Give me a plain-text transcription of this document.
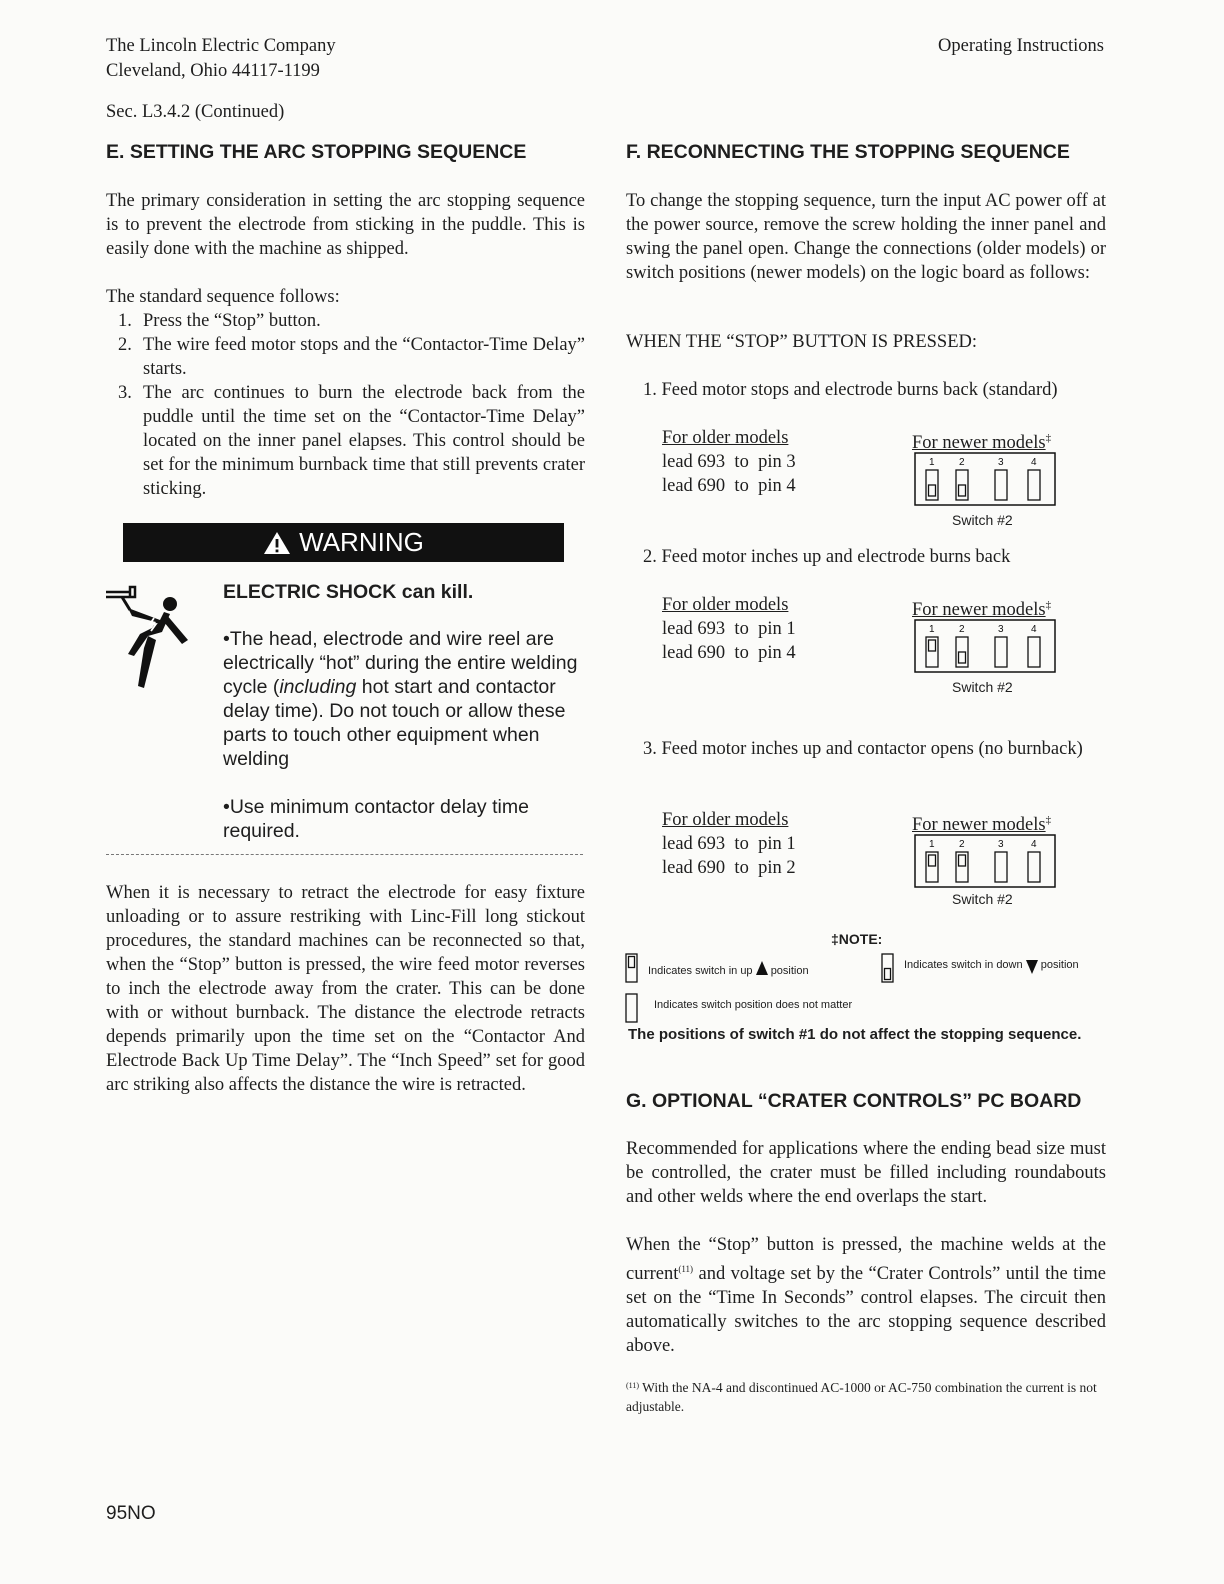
The Lincoln Electric Company
Cleveland, Ohio 44117-1199
Operating Instructions
Sec. L3.4.2 (Continued)
E. SETTING THE ARC STOPPING SEQUENCE
The primary consideration in setting the arc stopping sequence is to prevent the electrode from sticking in the puddle. This is easily done with the machine as shipped.
The standard sequence follows:
1. Press the “Stop” button.
2. The wire feed motor stops and the “Contactor-Time Delay” starts.
3. The arc continues to burn the electrode back from the puddle until the time set on the “Contactor-Time Delay” located on the inner panel elapses. This control should be set for the minimum burnback time that still prevents crater sticking.
WARNING
ELECTRIC SHOCK can kill.
•The head, electrode and wire reel are electrically “hot” during the entire welding cycle (including hot start and contactor delay time). Do not touch or allow these parts to touch other equipment when welding
•Use minimum contactor delay time required.
When it is necessary to retract the electrode for easy fixture unloading or to assure restriking with Linc-Fill long stickout procedures, the standard machines can be reconnected so that, when the “Stop” button is pressed, the wire feed motor reverses to inch the electrode away from the crater. This can be done with or without burnback. The distance the electrode retracts depends primarily upon the time set on the “Contactor And Electrode Back Up Time Delay”. The “Inch Speed” set for good arc striking also affects the distance the wire is retracted.
F. RECONNECTING THE STOPPING SEQUENCE
To change the stopping sequence, turn the input AC power off at the power source, remove the screw holding the inner panel and swing the panel open. Change the connections (older models) or switch positions (newer models) on the logic board as follows:
WHEN THE “STOP” BUTTON IS PRESSED:
1. Feed motor stops and electrode burns back (standard)
For older models
lead 693  to  pin 3
lead 690  to  pin 4
For newer models‡
1 2	3	4
Switch #2
2. Feed motor inches up and electrode burns back
For older models
lead 693  to  pin 1
lead 690  to  pin 4
For newer models‡
1 2	3	4
Switch #2
3. Feed motor inches up and contactor opens (no burnback)
For older models
lead 693  to  pin 1
lead 690  to  pin 2
For newer models‡
1 2	3	4
Switch #2
‡NOTE:
Indicates switch in up position	Indicates switch in down position
Indicates switch position does not matter
The positions of switch #1 do not affect the stopping sequence.
G. OPTIONAL “CRATER CONTROLS” PC BOARD
Recommended for applications where the ending bead size must be controlled, the crater must be filled including roundabouts and other welds where the end overlaps the start.
When the “Stop” button is pressed, the machine welds at the current$^{(11)}$ and voltage set by the “Crater Controls” until the time set on the “Time In Seconds” control elapses. The circuit then automatically switches to the arc stopping sequence described above.
$^{(11)}$ With the NA-4 and discontinued AC-1000 or AC-750 combination the current is not adjustable.
95NO
